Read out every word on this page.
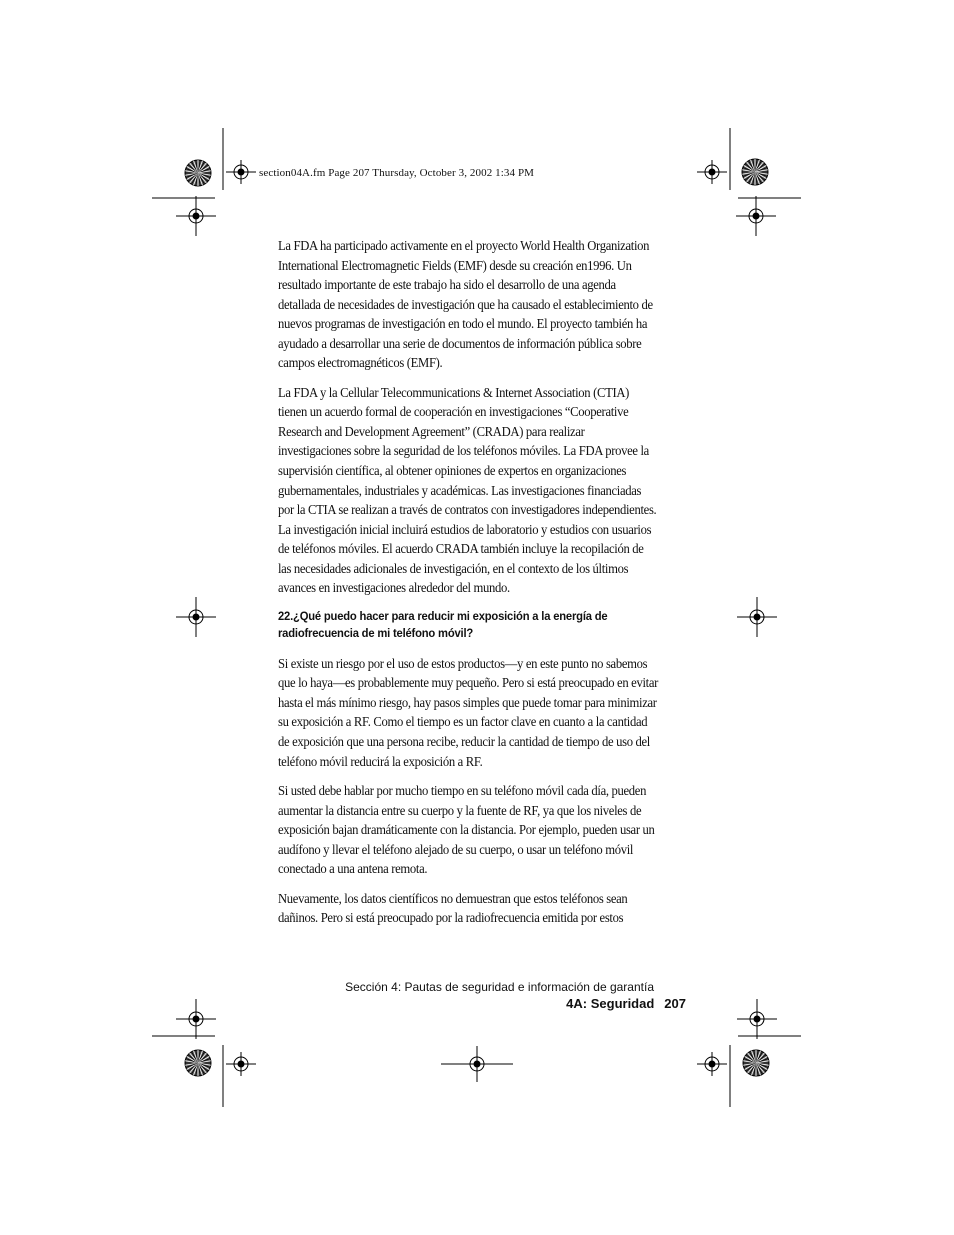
section04A.fm Page 207 Thursday, October 3, 2002 1:34 PM

La FDA ha participado activamente en el proyecto World Health Organization International Electromagnetic Fields (EMF) desde su creación en1996. Un resultado importante de este trabajo ha sido el desarrollo de una agenda detallada de necesidades de investigación que ha causado el establecimiento de nuevos programas de investigación en todo el mundo. El proyecto también ha ayudado a desarrollar una serie de documentos de información pública sobre campos electromagnéticos (EMF).

La FDA y la Cellular Telecommunications & Internet Association (CTIA) tienen un acuerdo formal de cooperación en investigaciones “Cooperative Research and Development Agreement” (CRADA) para realizar investigaciones sobre la seguridad de los teléfonos móviles. La FDA provee la supervisión científica, al obtener opiniones de expertos en organizaciones gubernamentales, industriales y académicas. Las investigaciones financiadas por la CTIA se realizan a través de contratos con investigadores independientes. La investigación inicial incluirá estudios de laboratorio y estudios con usuarios de teléfonos móviles. El acuerdo CRADA también incluye la recopilación de las necesidades adicionales de investigación, en el contexto de los últimos avances en investigaciones alrededor del mundo.

22.¿Qué puedo hacer para reducir mi exposición a la energía de radiofrecuencia de mi teléfono móvil?

Si existe un riesgo por el uso de estos productos—y en este punto no sabemos que lo haya—es probablemente muy pequeño. Pero si está preocupado en evitar hasta el más mínimo riesgo, hay pasos simples que puede tomar para minimizar su exposición a RF. Como el tiempo es un factor clave en cuanto a la cantidad de exposición que una persona recibe, reducir la cantidad de tiempo de uso del teléfono móvil reducirá la exposición a RF.

Si usted debe hablar por mucho tiempo en su teléfono móvil cada día, pueden aumentar la distancia entre su cuerpo y la fuente de RF, ya que los niveles de exposición bajan dramáticamente con la distancia. Por ejemplo, pueden usar un audífono y llevar el teléfono alejado de su cuerpo, o usar un teléfono móvil conectado a una antena remota.

Nuevamente, los datos científicos no demuestran que estos teléfonos sean dañinos. Pero si está preocupado por la radiofrecuencia emitida por estos

Sección 4: Pautas de seguridad e información de garantía
4A: Seguridad 207
